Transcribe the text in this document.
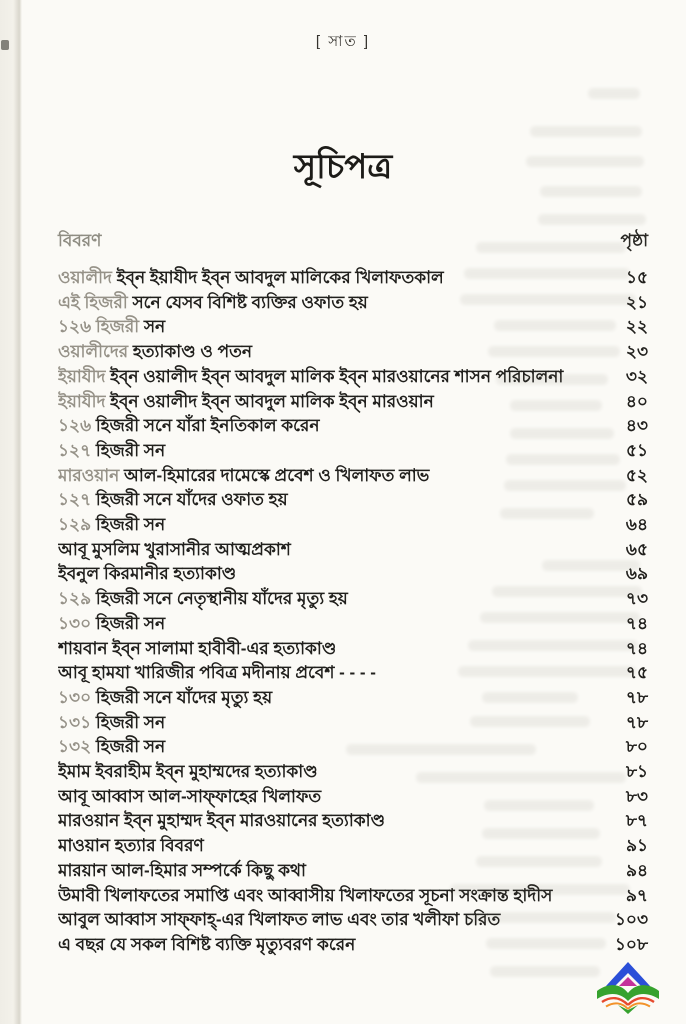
[ সাত ]
সূচিপত্র
বিবরণ	পৃষ্ঠা
ওয়ালীদ ইব্‌ন ইয়াযীদ ইব্‌ন আবদুল মালিকের খিলাফতকাল	১৫
এই হিজরী সনে যেসব বিশিষ্ট ব্যক্তির ওফাত হয়	২১
১২৬ হিজরী সন	২২
ওয়ালীদের হত্যাকাণ্ড ও পতন	২৩
ইয়াযীদ ইব্‌ন ওয়ালীদ ইব্‌ন আবদুল মালিক ইব্‌ন মারওয়ানের শাসন পরিচালনা	৩২
ইয়াযীদ ইব্‌ন ওয়ালীদ ইব্‌ন আবদুল মালিক ইব্‌ন মারওয়ান	৪০
১২৬ হিজরী সনে যাঁরা ইনতিকাল করেন	৪৩
১২৭ হিজরী সন	৫১
মারওয়ান আল-হিমারের দামেস্কে প্রবেশ ও খিলাফত লাভ	৫২
১২৭ হিজরী সনে যাঁদের ওফাত হয়	৫৯
১২৯ হিজরী সন	৬৪
আবূ মুসলিম খুরাসানীর আত্মপ্রকাশ	৬৫
ইবনুল কিরমানীর হত্যাকাণ্ড	৬৯
১২৯ হিজরী সনে নেতৃস্থানীয় যাঁদের মৃত্যু হয়	৭৩
১৩০ হিজরী সন	৭৪
শায়বান ইব্‌ন সালামা হাবীবী-এর হত্যাকাণ্ড	৭৪
আবূ হামযা খারিজীর পবিত্র মদীনায় প্রবেশ - - - -	৭৫
১৩০ হিজরী সনে যাঁদের মৃত্যু হয়	৭৮
১৩১ হিজরী সন	৭৮
১৩২ হিজরী সন	৮০
ইমাম ইবরাহীম ইব্‌ন মুহাম্মদের হত্যাকাণ্ড	৮১
আবূ আব্বাস আল-সাফ্‌ফাহের খিলাফত	৮৩
মারওয়ান ইব্‌ন মুহাম্মদ ইব্‌ন মারওয়ানের হত্যাকাণ্ড	৮৭
মাওয়ান হত্যার বিবরণ	৯১
মারয়ান আল-হিমার সম্পর্কে কিছু কথা	৯৪
উমাবী খিলাফতের সমাপ্তি এবং আব্বাসীয় খিলাফতের সূচনা সংক্রান্ত হাদীস	৯৭
আবুল আব্বাস সাফ্‌ফাহ্‌-এর খিলাফত লাভ এবং তার খলীফা চরিত	১০৩
এ বছর যে সকল বিশিষ্ট ব্যক্তি মৃত্যুবরণ করেন	১০৮
